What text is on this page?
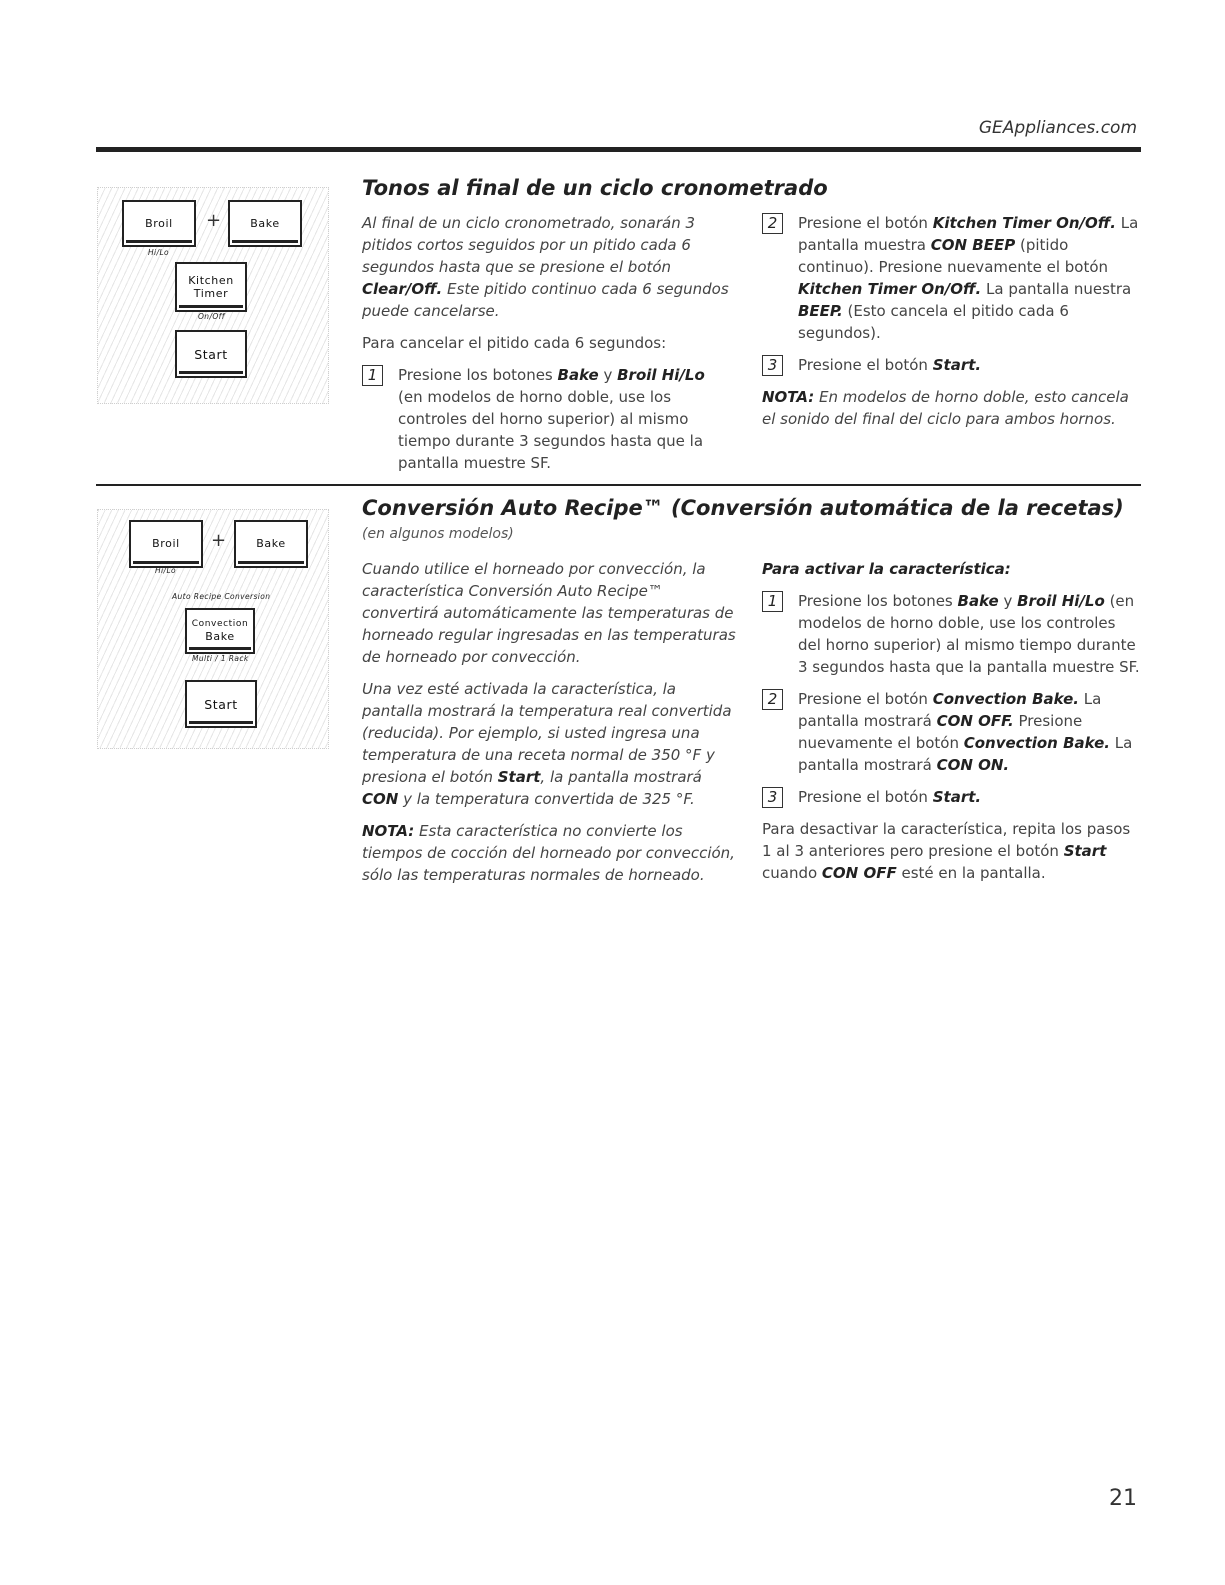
GEAppliances.com
Broil	+	Bake
Hi/Lo
Kitchen
Timer
On/Off
Start
Tonos al final de un ciclo cronometrado

Al final de un ciclo cronometrado, sonarán 3 pitidos cortos seguidos por un pitido cada 6 segundos hasta que se presione el botón Clear/Off. Este pitido continuo cada 6 segundos puede cancelarse.

Para cancelar el pitido cada 6 segundos:

1	Presione los botones Bake y Broil Hi/Lo (en modelos de horno doble, use los controles del horno superior) al mismo tiempo durante 3 segundos hasta que la pantalla muestre SF.
2	Presione el botón Kitchen Timer On/Off. La pantalla muestra CON BEEP (pitido continuo). Presione nuevamente el botón Kitchen Timer On/Off. La pantalla nuestra BEEP. (Esto cancela el pitido cada 6 segundos).
3	Presione el botón Start.

NOTA: En modelos de horno doble, esto cancela el sonido del final del ciclo para ambos hornos.

Broil	+	Bake
Hi/Lo
Auto Recipe Conversion
Convection
Bake
Multi / 1 Rack
Start
Conversión Auto Recipe™ (Conversión automática de la recetas)
(en algunos modelos)

Cuando utilice el horneado por convección, la característica Conversión Auto Recipe™ convertirá automáticamente las temperaturas de horneado regular ingresadas en las temperaturas de horneado por convección.

Una vez esté activada la característica, la pantalla mostrará la temperatura real convertida (reducida). Por ejemplo, si usted ingresa una temperatura de una receta normal de 350 °F y presiona el botón Start, la pantalla mostrará CON y la temperatura convertida de 325 °F.

NOTA: Esta característica no convierte los tiempos de cocción del horneado por convección, sólo las temperaturas normales de horneado.

Para activar la característica:

1	Presione los botones Bake y Broil Hi/Lo (en modelos de horno doble, use los controles del horno superior) al mismo tiempo durante 3 segundos hasta que la pantalla muestre SF.
2	Presione el botón Convection Bake. La pantalla mostrará CON OFF. Presione nuevamente el botón Convection Bake. La pantalla mostrará CON ON.
3	Presione el botón Start.

Para desactivar la característica, repita los pasos 1 al 3 anteriores pero presione el botón Start cuando CON OFF esté en la pantalla.

21
